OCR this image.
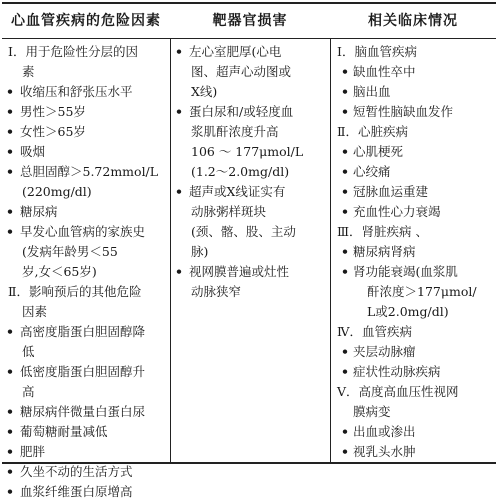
心血管疾病的危险因素	靶器官损害	相关临床情况
Ⅰ．用于危险性分层的因
素
• 收缩压和舒张压水平
• 男性＞55岁
• 女性＞65岁
• 吸烟
• 总胆固醇＞5.72mmol/L
(220mg/dl)
• 糖尿病
• 早发心血管病的家族史
(发病年龄男＜55
岁,女＜65岁)
Ⅱ．影响预后的其他危险
因素
• 高密度脂蛋白胆固醇降
低
• 低密度脂蛋白胆固醇升
高
• 糖尿病伴微量白蛋白尿
• 葡萄糖耐量减低
• 肥胖
• 久坐不动的生活方式
• 血浆纤维蛋白原增高
• 左心室肥厚(心电
图、超声心动图或
X线)
• 蛋白尿和/或轻度血
浆肌酐浓度升高
106 ～ 177μmol/L
(1.2～2.0mg/dl)
• 超声或X线证实有
动脉粥样斑块
(颈、髂、股、主动
脉)
• 视网膜普遍或灶性
动脉狭窄
Ⅰ．脑血管疾病
• 缺血性卒中
• 脑出血
• 短暂性脑缺血发作
Ⅱ．心脏疾病
• 心肌梗死
• 心绞痛
• 冠脉血运重建
• 充血性心力衰竭
Ⅲ．肾脏疾病 、
• 糖尿病肾病
• 肾功能衰竭(血浆肌
酐浓度＞177μmol/
L或2.0mg/dl)
Ⅳ．血管疾病
• 夹层动脉瘤
• 症状性动脉疾病
Ⅴ．高度高血压性视网
膜病变
• 出血或渗出
• 视乳头水肿
